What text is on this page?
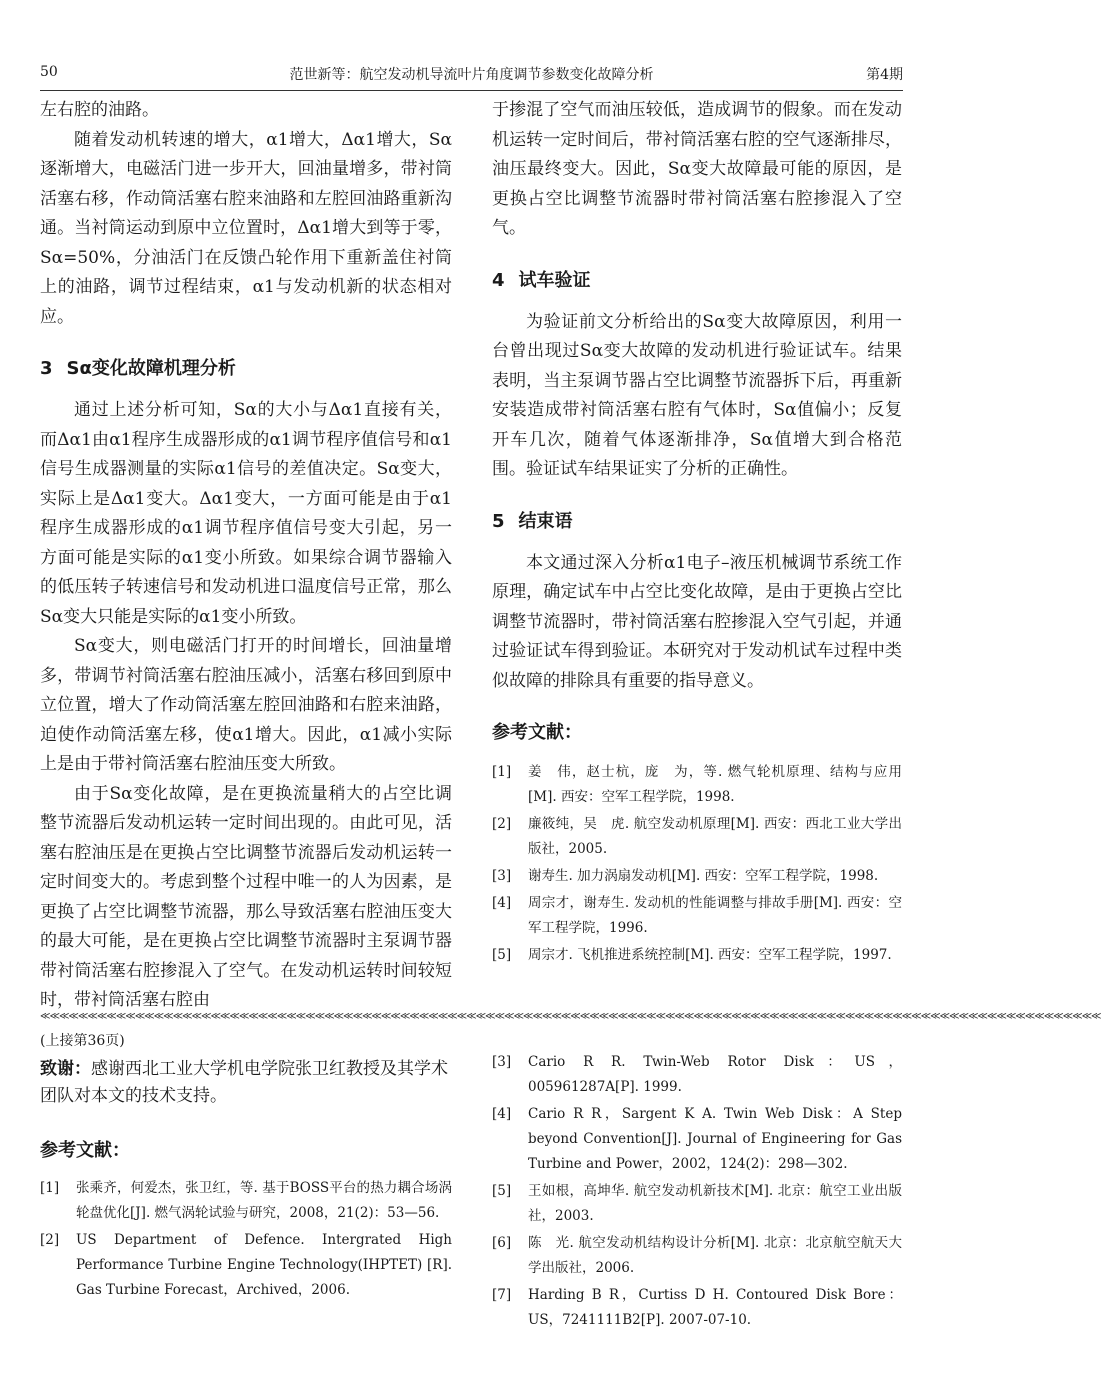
50	范世新等：航空发动机导流叶片角度调节参数变化故障分析	第4期

左右腔的油路。

随着发动机转速的增大，α1增大，Δα1增大，Sα逐渐增大，电磁活门进一步开大，回油量增多，带衬筒活塞右移，作动筒活塞右腔来油路和左腔回油路重新沟通。当衬筒运动到原中立位置时，Δα1增大到等于零，Sα=50%，分油活门在反馈凸轮作用下重新盖住衬筒上的油路，调节过程结束，α1与发动机新的状态相对应。

3 Sα变化故障机理分析

通过上述分析可知，Sα的大小与Δα1直接有关，而Δα1由α1程序生成器形成的α1调节程序值信号和α1信号生成器测量的实际α1信号的差值决定。Sα变大，实际上是Δα1变大。Δα1变大，一方面可能是由于α1程序生成器形成的α1调节程序值信号变大引起，另一方面可能是实际的α1变小所致。如果综合调节器输入的低压转子转速信号和发动机进口温度信号正常，那么Sα变大只能是实际的α1变小所致。

Sα变大，则电磁活门打开的时间增长，回油量增多，带调节衬筒活塞右腔油压减小，活塞右移回到原中立位置，增大了作动筒活塞左腔回油路和右腔来油路，迫使作动筒活塞左移，使α1增大。因此，α1减小实际上是由于带衬筒活塞右腔油压变大所致。

由于Sα变化故障，是在更换流量稍大的占空比调整节流器后发动机运转一定时间出现的。由此可见，活塞右腔油压是在更换占空比调整节流器后发动机运转一定时间变大的。考虑到整个过程中唯一的人为因素，是更换了占空比调整节流器，那么导致活塞右腔油压变大的最大可能，是在更换占空比调整节流器时主泵调节器带衬筒活塞右腔掺混入了空气。在发动机运转时间较短时，带衬筒活塞右腔由

于掺混了空气而油压较低，造成调节的假象。而在发动机运转一定时间后，带衬筒活塞右腔的空气逐渐排尽，油压最终变大。因此，Sα变大故障最可能的原因，是更换占空比调整节流器时带衬筒活塞右腔掺混入了空气。

4 试车验证

为验证前文分析给出的Sα变大故障原因，利用一台曾出现过Sα变大故障的发动机进行验证试车。结果表明，当主泵调节器占空比调整节流器拆下后，再重新安装造成带衬筒活塞右腔有气体时，Sα值偏小；反复开车几次，随着气体逐渐排净，Sα值增大到合格范围。验证试车结果证实了分析的正确性。

5 结束语

本文通过深入分析α1电子–液压机械调节系统工作原理，确定试车中占空比变化故障，是由于更换占空比调整节流器时，带衬筒活塞右腔掺混入空气引起，并通过验证试车得到验证。本研究对于发动机试车过程中类似故障的排除具有重要的指导意义。

参考文献：
[1]	姜　伟，赵士杭，庞　为，等. 燃气轮机原理、结构与应用[M]. 西安：空军工程学院，1998.
[2]	廉筱纯，吴　虎. 航空发动机原理[M]. 西安：西北工业大学出版社，2005.
[3]	谢寿生. 加力涡扇发动机[M]. 西安：空军工程学院，1998.
[4]	周宗才，谢寿生. 发动机的性能调整与排故手册[M]. 西安：空军工程学院，1996.
[5]	周宗才. 飞机推进系统控制[M]. 西安：空军工程学院，1997.
≪≪≪≪≪≪≪≪≪≪≪≪≪≪≪≪≪≪≪≪≪≪≪≪≪≪≪≪≪≪≪≪≪≪≪≪≪≪≪≪≪≪≪≪≪≪≪≪≪≪≪≪≪≪≪≪≪≪≪≪≪≪≪≪≪≪≪≪≪≪≪≪≪≪≪≪≪≪≪≪≪≪≪≪≪≪≪≪≪≪≪≪≪≪≪≪≪≪≪≪≪≪≪≪≪≪≪≪≪≪≪≪
(上接第36页)
致谢：感谢西北工业大学机电学院张卫红教授及其学术团队对本文的技术支持。
参考文献：
[1]	张乘齐，何爱杰，张卫红，等. 基于BOSS平台的热力耦合场涡轮盘优化[J]. 燃气涡轮试验与研究，2008，21(2)：53—56.
[2]	US Department of Defence. Intergrated High Performance Turbine Engine Technology(IHPTET) [R]. Gas Turbine Forecast，Archived，2006.
[3]	Cario R R. Twin-Web Rotor Disk：US，005961287A[P]. 1999.
[4]	Cario R R，Sargent K A. Twin Web Disk：A Step beyond Convention[J]. Journal of Engineering for Gas Turbine and Power，2002，124(2)：298—302.
[5]	王如根，高坤华. 航空发动机新技术[M]. 北京：航空工业出版社，2003.
[6]	陈　光. 航空发动机结构设计分析[M]. 北京：北京航空航天大学出版社，2006.
[7]	Harding B R，Curtiss D H. Contoured Disk Bore：US，7241111B2[P]. 2007-07-10.
